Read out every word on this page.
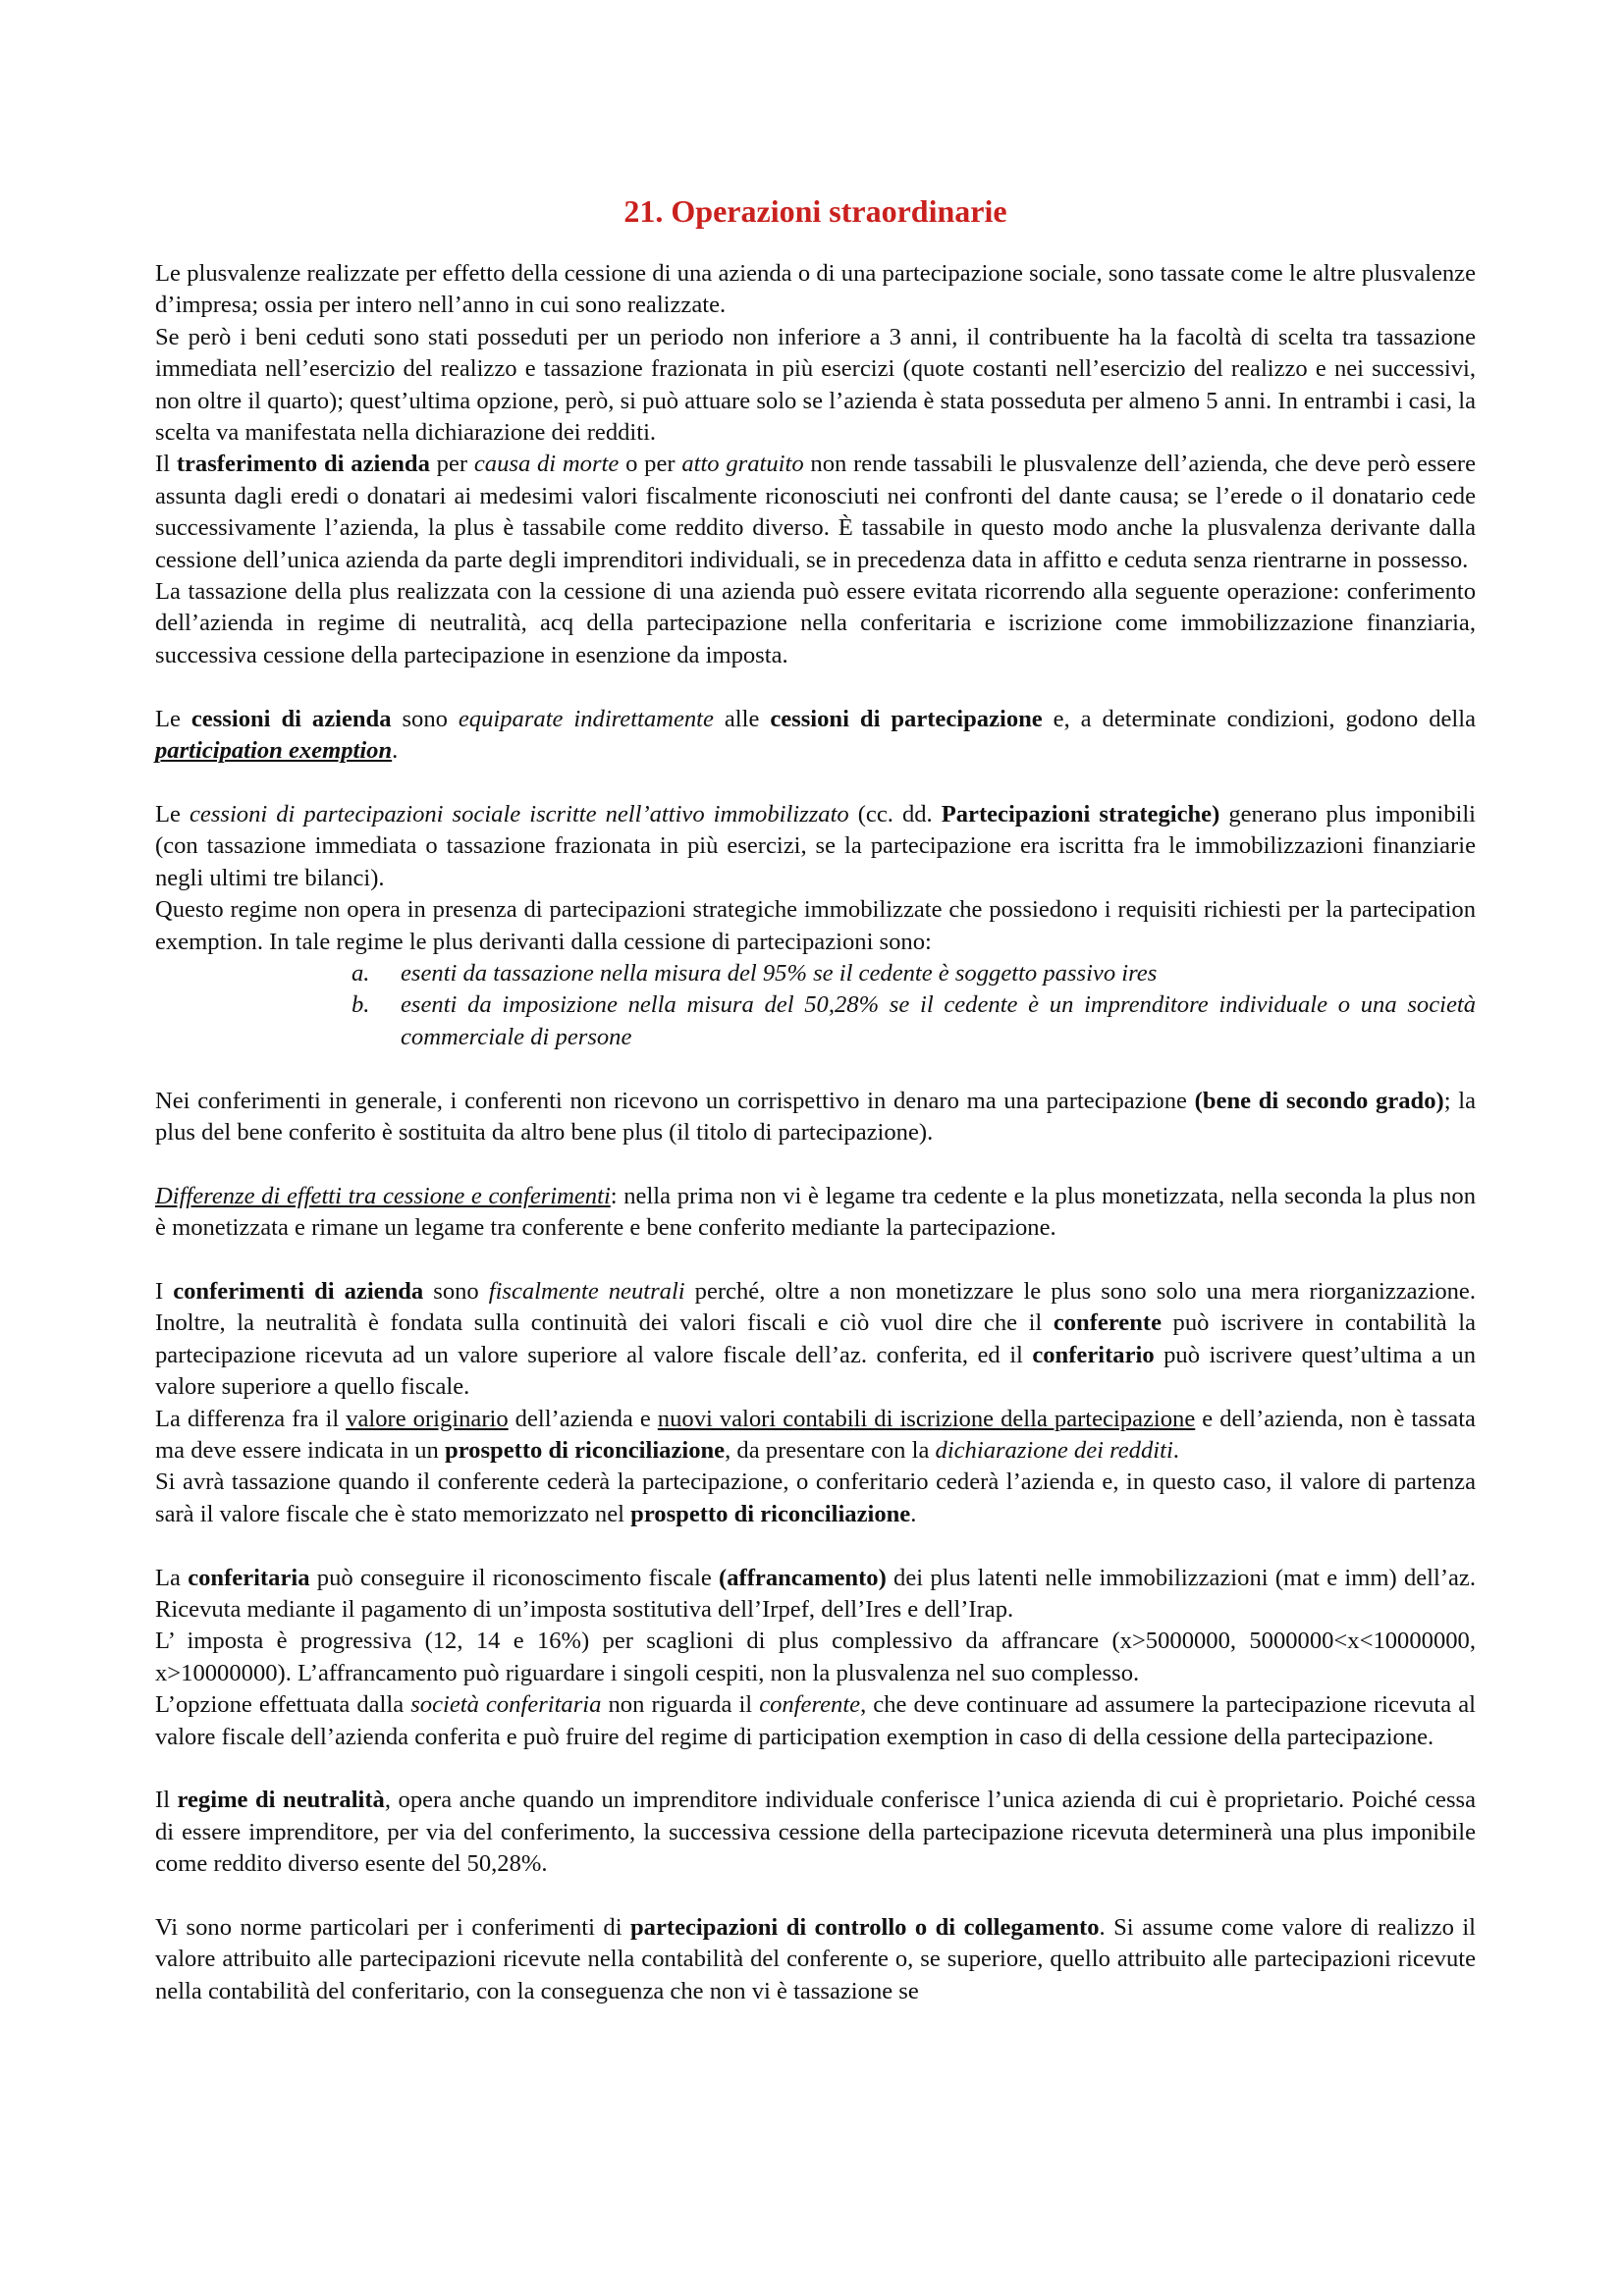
21. Operazioni straordinarie

Le plusvalenze realizzate per effetto della cessione di una azienda o di una partecipazione sociale, sono tassate come le altre plusvalenze d’impresa; ossia per intero nell’anno in cui sono realizzate.

Se però i beni ceduti sono stati posseduti per un periodo non inferiore a 3 anni, il contribuente ha la facoltà di scelta tra tassazione immediata nell’esercizio del realizzo e tassazione frazionata in più esercizi (quote costanti nell’esercizio del realizzo e nei successivi, non oltre il quarto); quest’ultima opzione, però, si può attuare solo se l’azienda è stata posseduta per almeno 5 anni. In entrambi i casi, la scelta va manifestata nella dichiarazione dei redditi.

Il trasferimento di azienda per causa di morte o per atto gratuito non rende tassabili le plusvalenze dell’azienda, che deve però essere assunta dagli eredi o donatari ai medesimi valori fiscalmente riconosciuti nei confronti del dante causa; se l’erede o il donatario cede successivamente l’azienda, la plus è tassabile come reddito diverso. È tassabile in questo modo anche la plusvalenza derivante dalla cessione dell’unica azienda da parte degli imprenditori individuali, se in precedenza data in affitto e ceduta senza rientrarne in possesso.

La tassazione della plus realizzata con la cessione di una azienda può essere evitata ricorrendo alla seguente operazione: conferimento dell’azienda in regime di neutralità, acq della partecipazione nella conferitaria e iscrizione come immobilizzazione finanziaria, successiva cessione della partecipazione in esenzione da imposta.

Le cessioni di azienda sono equiparate indirettamente alle cessioni di partecipazione e, a determinate condizioni, godono della participation exemption.

Le cessioni di partecipazioni sociale iscritte nell’attivo immobilizzato (cc. dd. Partecipazioni strategiche) generano plus imponibili (con tassazione immediata o tassazione frazionata in più esercizi, se la partecipazione era iscritta fra le immobilizzazioni finanziarie negli ultimi tre bilanci).

Questo regime non opera in presenza di partecipazioni strategiche immobilizzate che possiedono i requisiti richiesti per la partecipation exemption. In tale regime le plus derivanti dalla cessione di partecipazioni sono:

a. esenti da tassazione nella misura del 95% se il cedente è soggetto passivo ires
b. esenti da imposizione nella misura del 50,28% se il cedente è un imprenditore individuale o una società commerciale di persone

Nei conferimenti in generale, i conferenti non ricevono un corrispettivo in denaro ma una partecipazione (bene di secondo grado); la plus del bene conferito è sostituita da altro bene plus (il titolo di partecipazione).

Differenze di effetti tra cessione e conferimenti: nella prima non vi è legame tra cedente e la plus monetizzata, nella seconda la plus non è monetizzata e rimane un legame tra conferente e bene conferito mediante la partecipazione.

I conferimenti di azienda sono fiscalmente neutrali perché, oltre a non monetizzare le plus sono solo una mera riorganizzazione. Inoltre, la neutralità è fondata sulla continuità dei valori fiscali e ciò vuol dire che il conferente può iscrivere in contabilità la partecipazione ricevuta ad un valore superiore al valore fiscale dell’az. conferita, ed il conferitario può iscrivere quest’ultima a un valore superiore a quello fiscale.

La differenza fra il valore originario dell’azienda e nuovi valori contabili di iscrizione della partecipazione e dell’azienda, non è tassata ma deve essere indicata in un prospetto di riconciliazione, da presentare con la dichiarazione dei redditi.

Si avrà tassazione quando il conferente cederà la partecipazione, o conferitario cederà l’azienda e, in questo caso, il valore di partenza sarà il valore fiscale che è stato memorizzato nel prospetto di riconciliazione.

La conferitaria può conseguire il riconoscimento fiscale (affrancamento) dei plus latenti nelle immobilizzazioni (mat e imm) dell’az. Ricevuta mediante il pagamento di un’imposta sostitutiva dell’Irpef, dell’Ires e dell’Irap.

L’ imposta è progressiva (12, 14 e 16%) per scaglioni di plus complessivo da affrancare (x>5000000, 5000000<x<10000000, x>10000000). L’affrancamento può riguardare i singoli cespiti, non la plusvalenza nel suo complesso.

L’opzione effettuata dalla società conferitaria non riguarda il conferente, che deve continuare ad assumere la partecipazione ricevuta al valore fiscale dell’azienda conferita e può fruire del regime di participation exemption in caso di della cessione della partecipazione.

Il regime di neutralità, opera anche quando un imprenditore individuale conferisce l’unica azienda di cui è proprietario. Poiché cessa di essere imprenditore, per via del conferimento, la successiva cessione della partecipazione ricevuta determinerà una plus imponibile come reddito diverso esente del 50,28%.

Vi sono norme particolari per i conferimenti di partecipazioni di controllo o di collegamento. Si assume come valore di realizzo il valore attribuito alle partecipazioni ricevute nella contabilità del conferente o, se superiore, quello attribuito alle partecipazioni ricevute nella contabilità del conferitario, con la conseguenza che non vi è tassazione se
